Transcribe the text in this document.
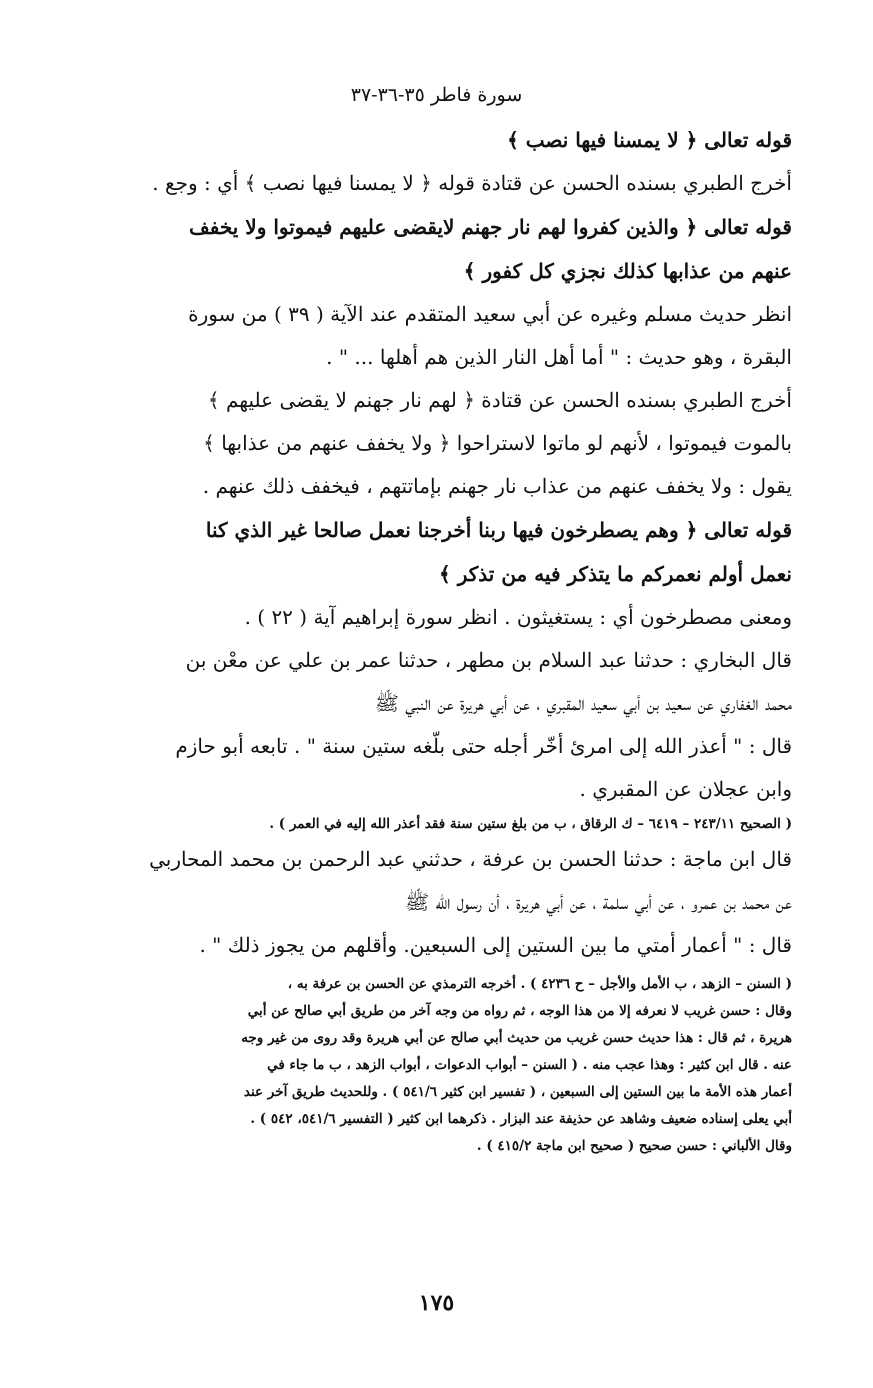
سورة فاطر ٣٥-٣٦-٣٧

قوله تعالى ﴿ لا يمسنا فيها نصب ﴾

أخرج الطبري بسنده الحسن عن قتادة قوله ﴿ لا يمسنا فيها نصب ﴾ أي : وجع .

قوله تعالى ﴿ والذين كفروا لهم نار جهنم لايقضى عليهم فيموتوا ولا يخفف

عنهم من عذابها كذلك نجزي كل كفور ﴾

انظر حديث مسلم وغيره عن أبي سعيد المتقدم عند الآية ( ٣٩ ) من سورة

البقرة ، وهو حديث : " أما أهل النار الذين هم أهلها ... " .

أخرج الطبري بسنده الحسن عن قتادة ﴿ لهم نار جهنم لا يقضى عليهم ﴾

بالموت فيموتوا ، لأنهم لو ماتوا لاستراحوا ﴿ ولا يخفف عنهم من عذابها ﴾

يقول : ولا يخفف عنهم من عذاب نار جهنم بإماتتهم ، فيخفف ذلك عنهم .

قوله تعالى ﴿ وهم يصطرخون فيها ربنا أخرجنا نعمل صالحا غير الذي كنا

نعمل أولم نعمركم ما يتذكر فيه من تذكر ﴾

ومعنى مصطرخون أي : يستغيثون . انظر سورة إبراهيم آية ( ٢٢ ) .

قال البخاري : حدثنا عبد السلام بن مطهر ، حدثنا عمر بن علي عن معْن بن

محمد الغفاري عن سعيد بن أبي سعيد المقبري ، عن أبي هريرة عن النبي ﷺ

قال : " أعذر الله إلى امرئ أخّر أجله حتى بلّغه ستين سنة " . تابعه أبو حازم

وابن عجلان عن المقبري .

( الصحيح ٢٤٣/١١ – ٦٤١٩ – ك الرقاق ، ب من بلغ ستين سنة فقد أعذر الله إليه في العمر ) .

قال ابن ماجة : حدثنا الحسن بن عرفة ، حدثني عبد الرحمن بن محمد المحاربي

عن محمد بن عمرو ، عن أبي سلمة ، عن أبي هريرة ، أن رسول الله ﷺ

قال : " أعمار أمتي ما بين الستين إلى السبعين. وأقلهم من يجوز ذلك " .

( السنن – الزهد ، ب الأمل والأجل – ح ٤٢٣٦ ) . أخرجه الترمذي عن الحسن بن عرفة به ،

وقال : حسن غريب لا نعرفه إلا من هذا الوجه ، ثم رواه من وجه آخر من طريق أبي صالح عن أبي

هريرة ، ثم قال : هذا حديث حسن غريب من حديث أبي صالح عن أبي هريرة وقد روى من غير وجه

عنه . قال ابن كثير : وهذا عجب منه . ( السنن – أبواب الدعوات ، أبواب الزهد ، ب ما جاء في

أعمار هذه الأمة ما بين الستين إلى السبعين ، ( تفسير ابن كثير ٥٤١/٦ ) . وللحديث طريق آخر عند

أبي يعلى إسناده ضعيف وشاهد عن حذيفة عند البزار . ذكرهما ابن كثير ( التفسير ٥٤١/٦، ٥٤٢ ) .

وقال الألباني : حسن صحيح ( صحيح ابن ماجة ٤١٥/٢ ) .

١٧٥
